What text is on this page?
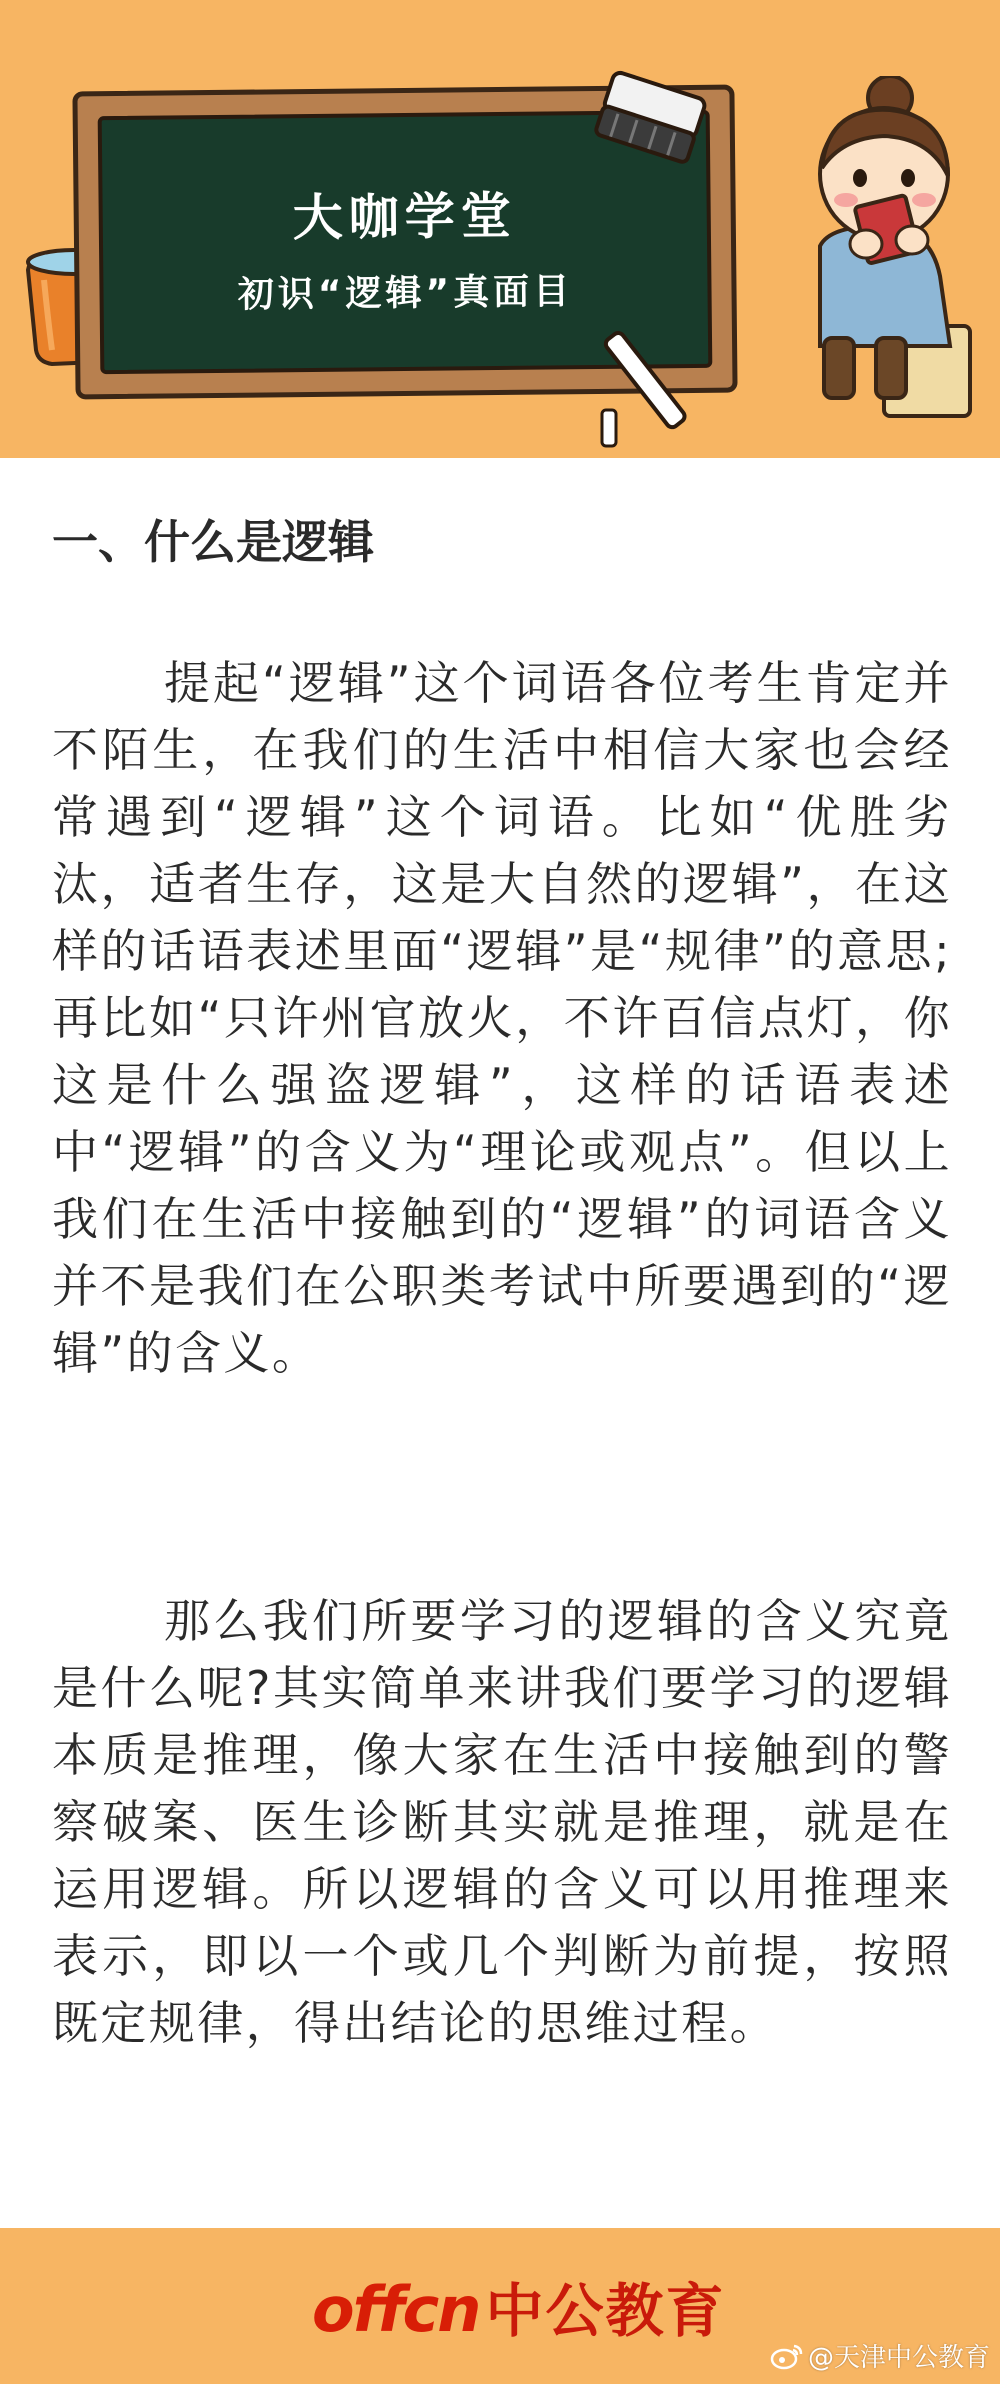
大咖学堂
初识“逻辑”真面目
一、什么是逻辑

提起“逻辑”这个词语各位考生肯定并不陌生，在我们的生活中相信大家也会经常遇到“逻辑”这个词语。比如“优胜劣汰，适者生存，这是大自然的逻辑”，在这样的话语表述里面“逻辑”是“规律”的意思;再比如“只许州官放火，不许百信点灯，你这是什么强盗逻辑”，这样的话语表述中“逻辑”的含义为“理论或观点”。但以上我们在生活中接触到的“逻辑”的词语含义并不是我们在公职类考试中所要遇到的“逻辑”的含义。

那么我们所要学习的逻辑的含义究竟是什么呢?其实简单来讲我们要学习的逻辑本质是推理，像大家在生活中接触到的警察破案、医生诊断其实就是推理，就是在运用逻辑。所以逻辑的含义可以用推理来表示，即以一个或几个判断为前提，按照既定规律，得出结论的思维过程。

offcn 中公教育
@天津中公教育
